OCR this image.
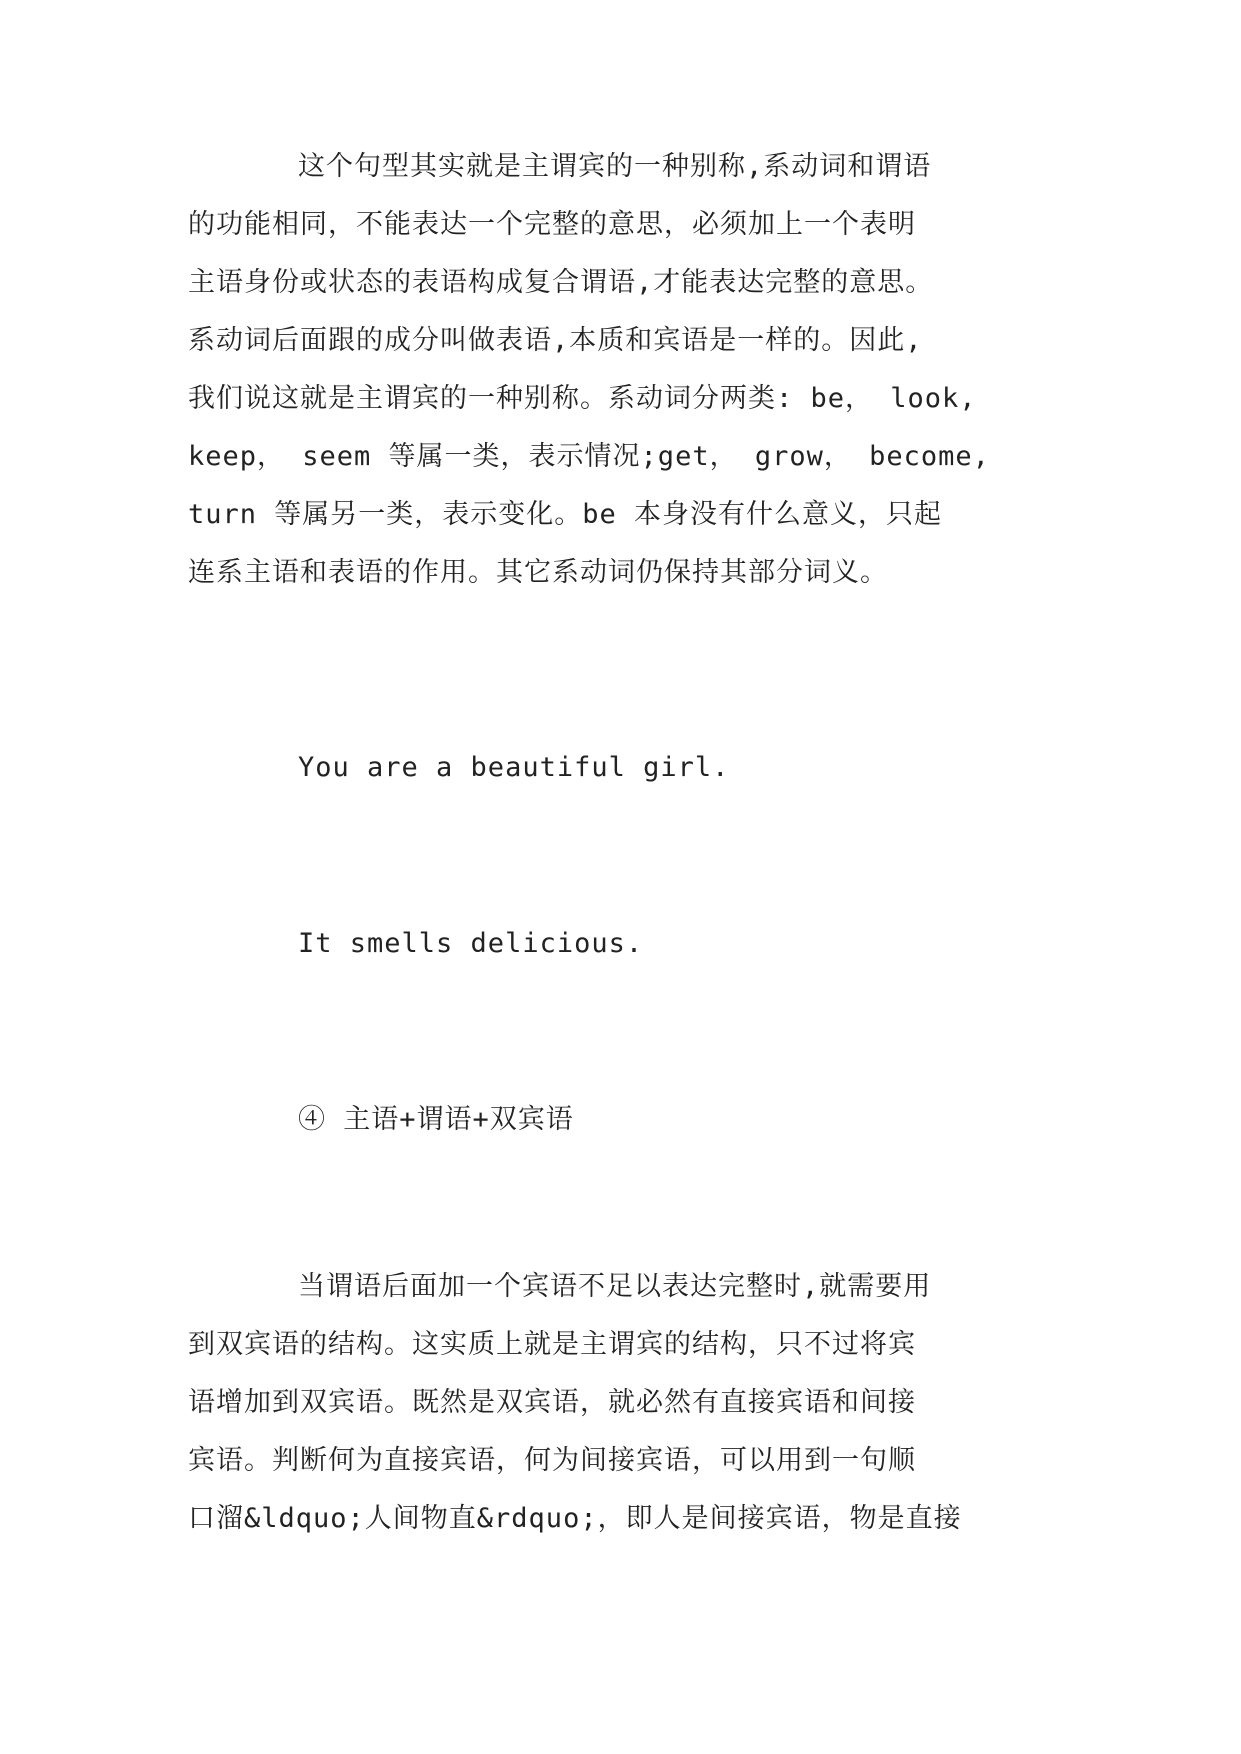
这个句型其实就是主谓宾的一种别称,系动词和谓语
的功能相同，不能表达一个完整的意思，必须加上一个表明
主语身份或状态的表语构成复合谓语,才能表达完整的意思。
系动词后面跟的成分叫做表语,本质和宾语是一样的。因此,
我们说这就是主谓宾的一种别称。系动词分两类: be， look,
keep， seem 等属一类，表示情况;get， grow， become,
turn 等属另一类，表示变化。be 本身没有什么意义，只起
连系主语和表语的作用。其它系动词仍保持其部分词义。
You are a beautiful girl.
It smells delicious.
④ 主语+谓语+双宾语
当谓语后面加一个宾语不足以表达完整时,就需要用
到双宾语的结构。这实质上就是主谓宾的结构，只不过将宾
语增加到双宾语。既然是双宾语，就必然有直接宾语和间接
宾语。判断何为直接宾语，何为间接宾语，可以用到一句顺
口溜&ldquo;人间物直&rdquo;，即人是间接宾语，物是直接
